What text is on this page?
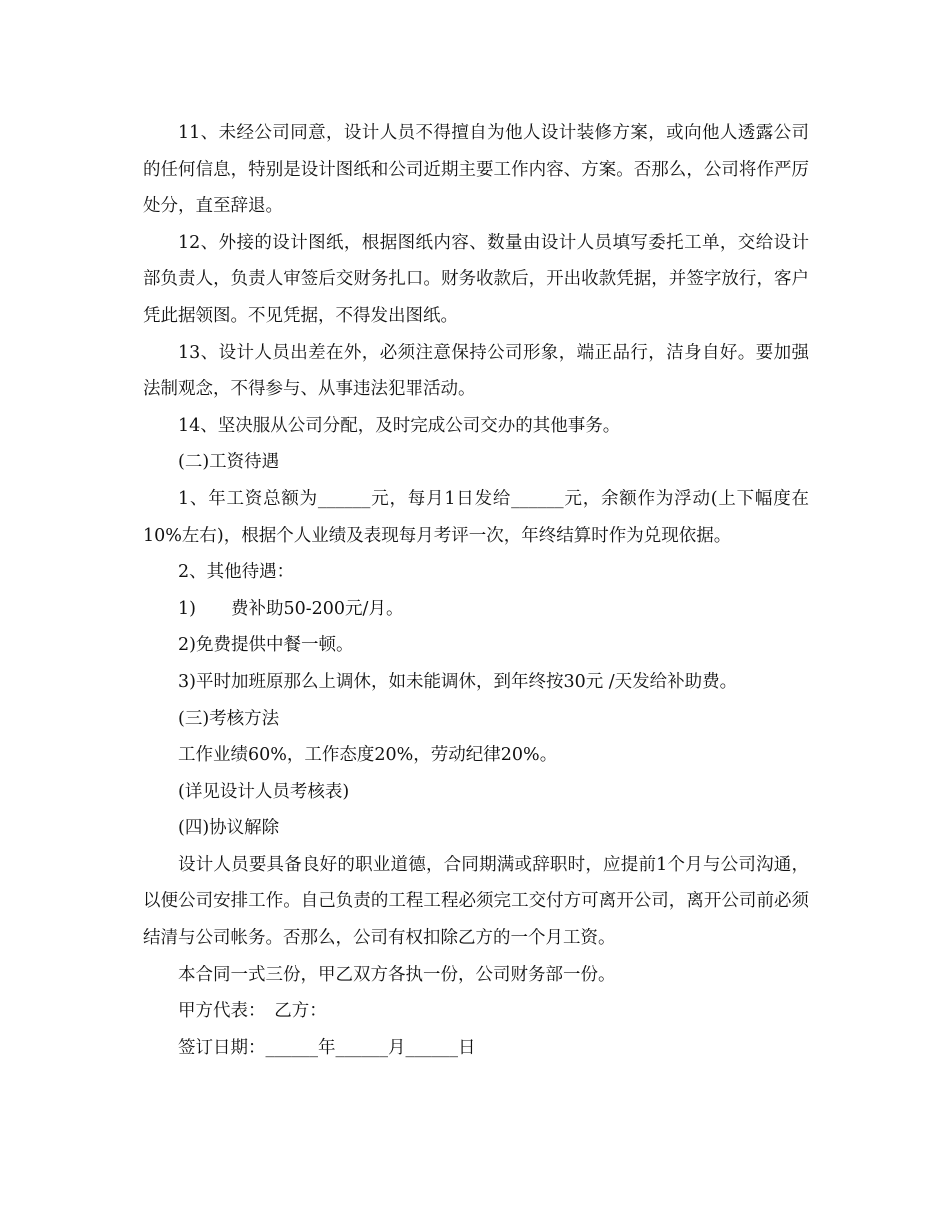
11、未经公司同意，设计人员不得擅自为他人设计装修方案，或向他人透露公司的任何信息，特别是设计图纸和公司近期主要工作内容、方案。否那么，公司将作严厉处分，直至辞退。

12、外接的设计图纸，根据图纸内容、数量由设计人员填写委托工单，交给设计部负责人，负责人审签后交财务扎口。财务收款后，开出收款凭据，并签字放行，客户凭此据领图。不见凭据，不得发出图纸。

13、设计人员出差在外，必须注意保持公司形象，端正品行，洁身自好。要加强法制观念，不得参与、从事违法犯罪活动。

14、坚决服从公司分配，及时完成公司交办的其他事务。

(二)工资待遇

1、年工资总额为______元，每月1日发给______元，余额作为浮动(上下幅度在10%左右)，根据个人业绩及表现每月考评一次，年终结算时作为兑现依据。

2、其他待遇：

1)　　费补助50-200元/月。

2)免费提供中餐一顿。

3)平时加班原那么上调休，如未能调休，到年终按30元 /天发给补助费。

(三)考核方法

工作业绩60%，工作态度20%，劳动纪律20%。

(详见设计人员考核表)

(四)协议解除

设计人员要具备良好的职业道德，合同期满或辞职时，应提前1个月与公司沟通，以便公司安排工作。自己负责的工程工程必须完工交付方可离开公司，离开公司前必须结清与公司帐务。否那么，公司有权扣除乙方的一个月工资。

本合同一式三份，甲乙双方各执一份，公司财务部一份。

甲方代表：　乙方：

签订日期：______年______月______日
